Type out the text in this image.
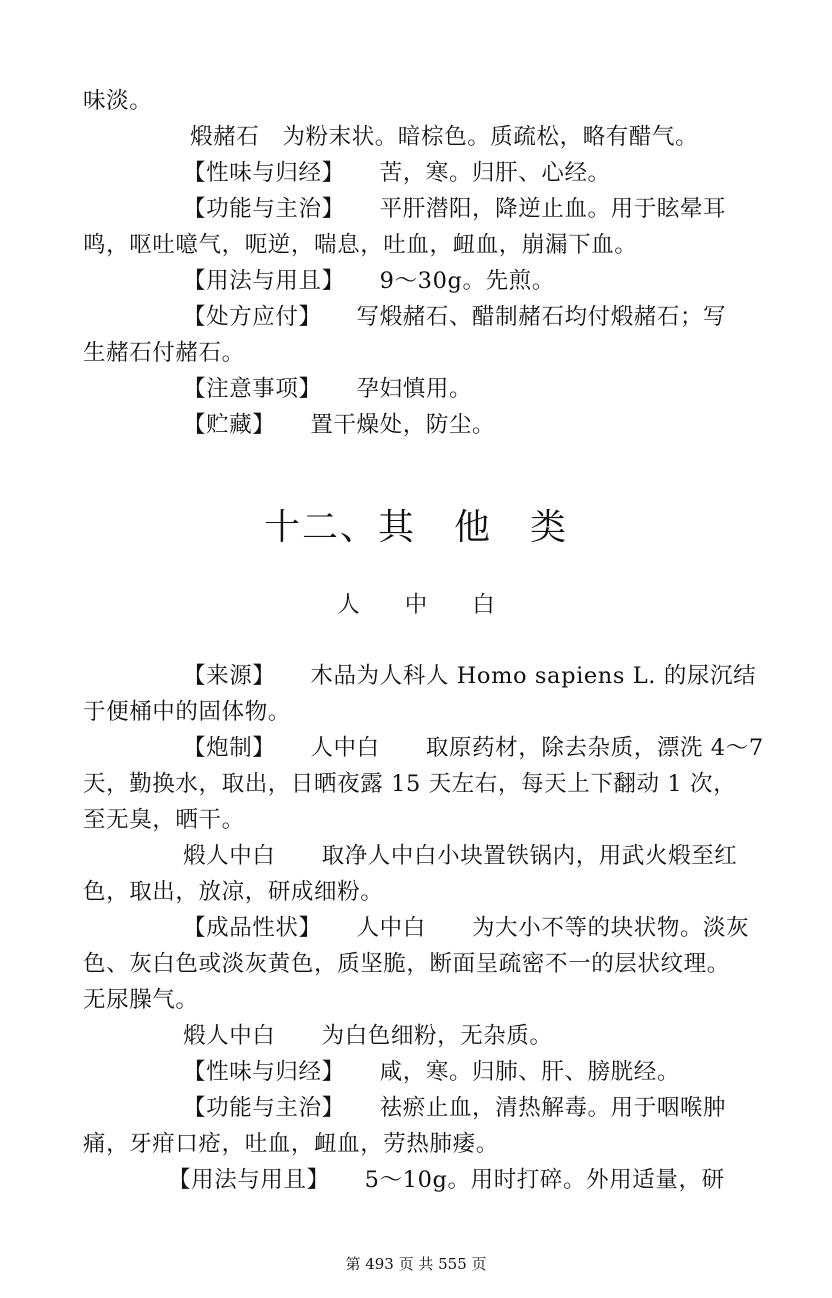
味淡。
煅赭石　为粉末状。暗棕色。质疏松，略有醋气。
【性味与归经】　　苦，寒。归肝、心经。
【功能与主治】　　平肝潜阳，降逆止血。用于眩晕耳
鸣，呕吐噫气，呃逆，喘息，吐血，衄血，崩漏下血。
【用法与用且】　　9～30g。先煎。
【处方应付】　　写煅赭石、醋制赭石均付煅赭石；写
生赭石付赭石。
【注意事项】　　孕妇慎用。
【贮藏】　　置干燥处，防尘。
十二、其　他　类
人　　中　　白
【来源】　　木品为人科人 Homo sapiens L. 的尿沉结
于便桶中的固体物。
【炮制】　　人中白　　取原药材，除去杂质，漂洗 4～7
天，勤换水，取出，日晒夜露 15 天左右，每天上下翻动 1 次，
至无臭，晒干。
煅人中白　　取净人中白小块置铁锅内，用武火煅至红
色，取出，放凉，研成细粉。
【成品性状】　　人中白　　为大小不等的块状物。淡灰
色、灰白色或淡灰黄色，质坚脆，断面呈疏密不一的层状纹理。
无尿臊气。
煅人中白　　为白色细粉，无杂质。
【性味与归经】　　咸，寒。归肺、肝、膀胱经。
【功能与主治】　　祛瘀止血，清热解毒。用于咽喉肿
痛，牙疳口疮，吐血，衄血，劳热肺痿。
【用法与用且】　　5～10g。用时打碎。外用适量，研
第 493 页 共 555 页
